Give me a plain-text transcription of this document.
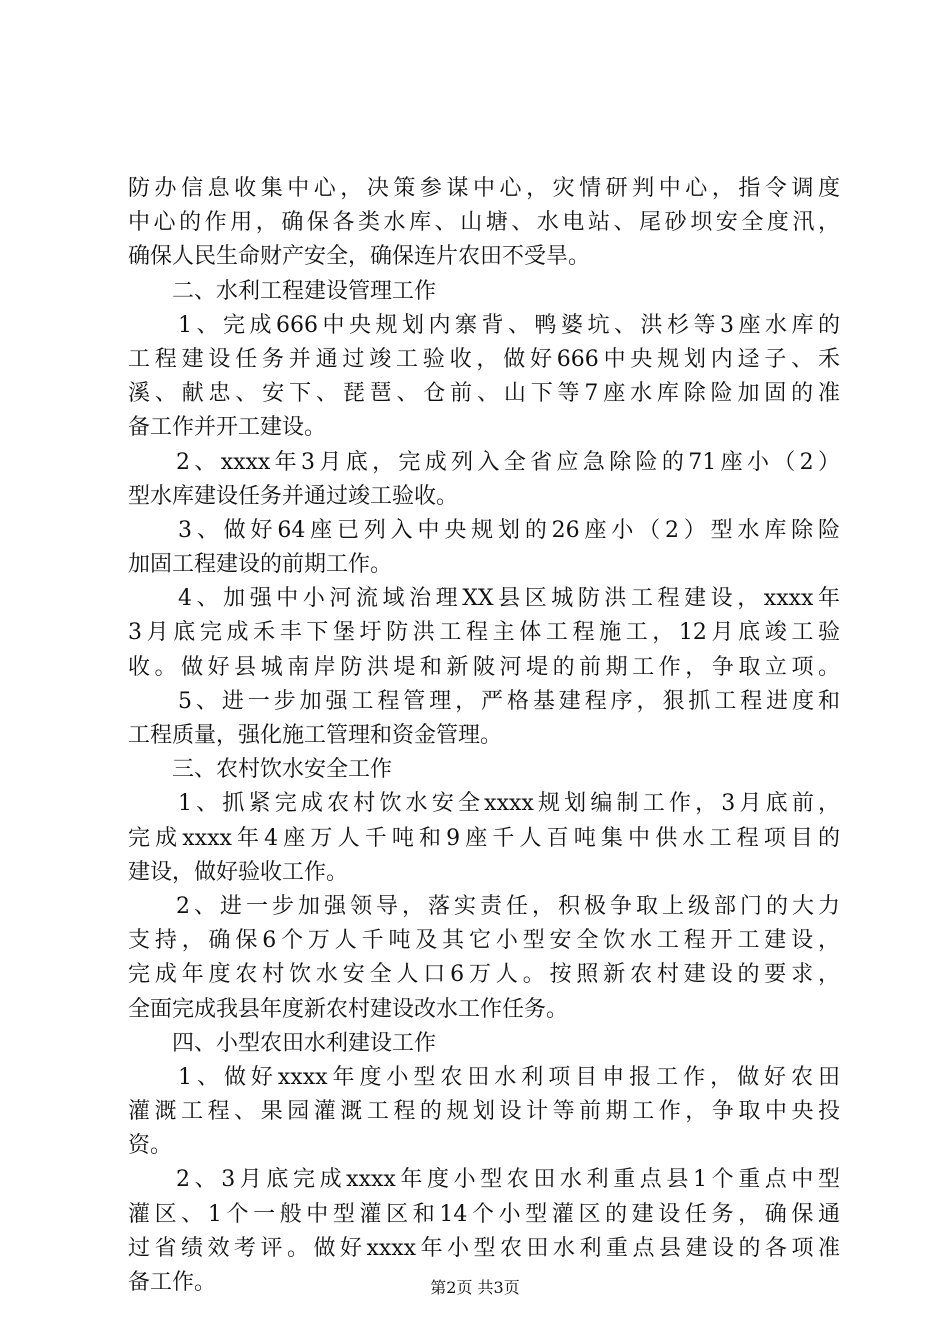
防办信息收集中心，决策参谋中心，灾情研判中心，指令调度
中心的作用，确保各类水库、山塘、水电站、尾砂坝安全度汛，
确保人民生命财产安全，确保连片农田不受旱。
二、水利工程建设管理工作
1、完成666中央规划内寨背、鸭婆坑、洪杉等3座水库的
工程建设任务并通过竣工验收，做好666中央规划内迳子、禾
溪、献忠、安下、琵琶、仓前、山下等7座水库除险加固的准
备工作并开工建设。
2、xxxx年3月底，完成列入全省应急除险的71座小（2）
型水库建设任务并通过竣工验收。
3、做好64座已列入中央规划的26座小（2）型水库除险
加固工程建设的前期工作。
4、加强中小河流域治理XX县区城防洪工程建设，xxxx年
3月底完成禾丰下堡圩防洪工程主体工程施工，12月底竣工验
收。做好县城南岸防洪堤和新陂河堤的前期工作，争取立项。
5、进一步加强工程管理，严格基建程序，狠抓工程进度和
工程质量，强化施工管理和资金管理。
三、农村饮水安全工作
1、抓紧完成农村饮水安全xxxx规划编制工作，3月底前，
完成xxxx年4座万人千吨和9座千人百吨集中供水工程项目的
建设，做好验收工作。
2、进一步加强领导，落实责任，积极争取上级部门的大力
支持，确保6个万人千吨及其它小型安全饮水工程开工建设，
完成年度农村饮水安全人口6万人。按照新农村建设的要求，
全面完成我县年度新农村建设改水工作任务。
四、小型农田水利建设工作
1、做好xxxx年度小型农田水利项目申报工作，做好农田
灌溉工程、果园灌溉工程的规划设计等前期工作，争取中央投
资。
2、3月底完成xxxx年度小型农田水利重点县1个重点中型
灌区、1个一般中型灌区和14个小型灌区的建设任务，确保通
过省绩效考评。做好xxxx年小型农田水利重点县建设的各项准
备工作。	第2页 共3页
